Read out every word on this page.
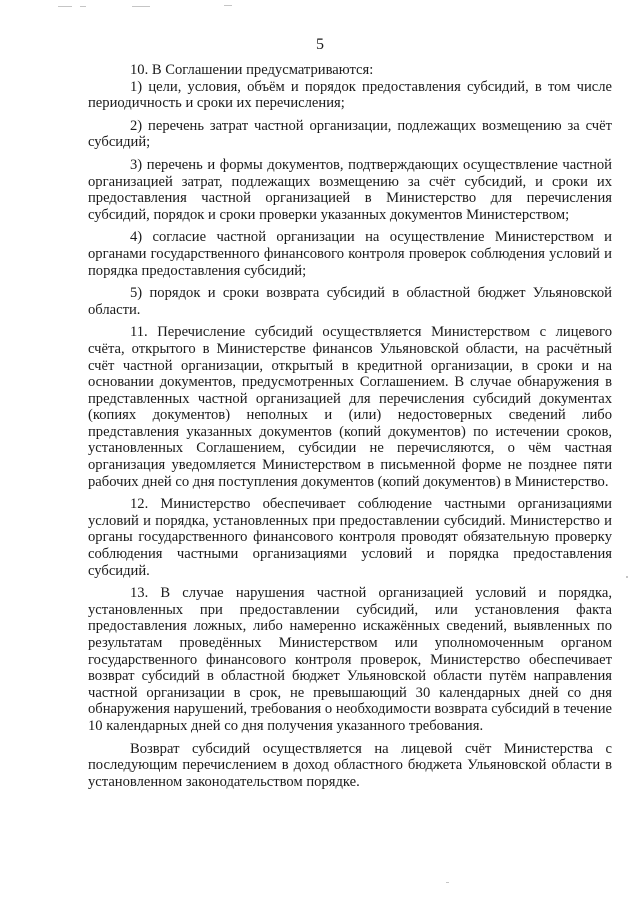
5

10. В Соглашении предусматриваются:

1) цели, условия, объём и порядок предоставления субсидий, в том числе периодичность и сроки их перечисления;

2) перечень затрат частной организации, подлежащих возмещению за счёт субсидий;

3) перечень и формы документов, подтверждающих осуществление частной организацией затрат, подлежащих возмещению за счёт субсидий, и сроки их предоставления частной организацией в Министерство для перечисления субсидий, порядок и сроки проверки указанных документов Министерством;

4) согласие частной организации на осуществление Министерством и органами государственного финансового контроля проверок соблюдения условий и порядка предоставления субсидий;

5) порядок и сроки возврата субсидий в областной бюджет Ульяновской области.

11. Перечисление субсидий осуществляется Министерством с лицевого счёта, открытого в Министерстве финансов Ульяновской области, на расчётный счёт частной организации, открытый в кредитной организации, в сроки и на основании документов, предусмотренных Соглашением. В случае обнаружения в представленных частной организацией для перечисления субсидий документах (копиях документов) неполных и (или) недостоверных сведений либо представления указанных документов (копий документов) по истечении сроков, установленных Соглашением, субсидии не перечисляются, о чём частная организация уведомляется Министерством в письменной форме не позднее пяти рабочих дней со дня поступления документов (копий документов) в Министерство.

12. Министерство обеспечивает соблюдение частными организациями условий и порядка, установленных при предоставлении субсидий. Министерство и органы государственного финансового контроля проводят обязательную проверку соблюдения частными организациями условий и порядка предоставления субсидий.

13. В случае нарушения частной организацией условий и порядка, установленных при предоставлении субсидий, или установления факта предоставления ложных, либо намеренно искажённых сведений, выявленных по результатам проведённых Министерством или уполномоченным органом государственного финансового контроля проверок, Министерство обеспечивает возврат субсидий в областной бюджет Ульяновской области путём направления частной организации в срок, не превышающий 30 календарных дней со дня обнаружения нарушений, требования о необходимости возврата субсидий в течение 10 календарных дней со дня получения указанного требования.

Возврат субсидий осуществляется на лицевой счёт Министерства с последующим перечислением в доход областного бюджета Ульяновской области в установленном законодательством порядке.
